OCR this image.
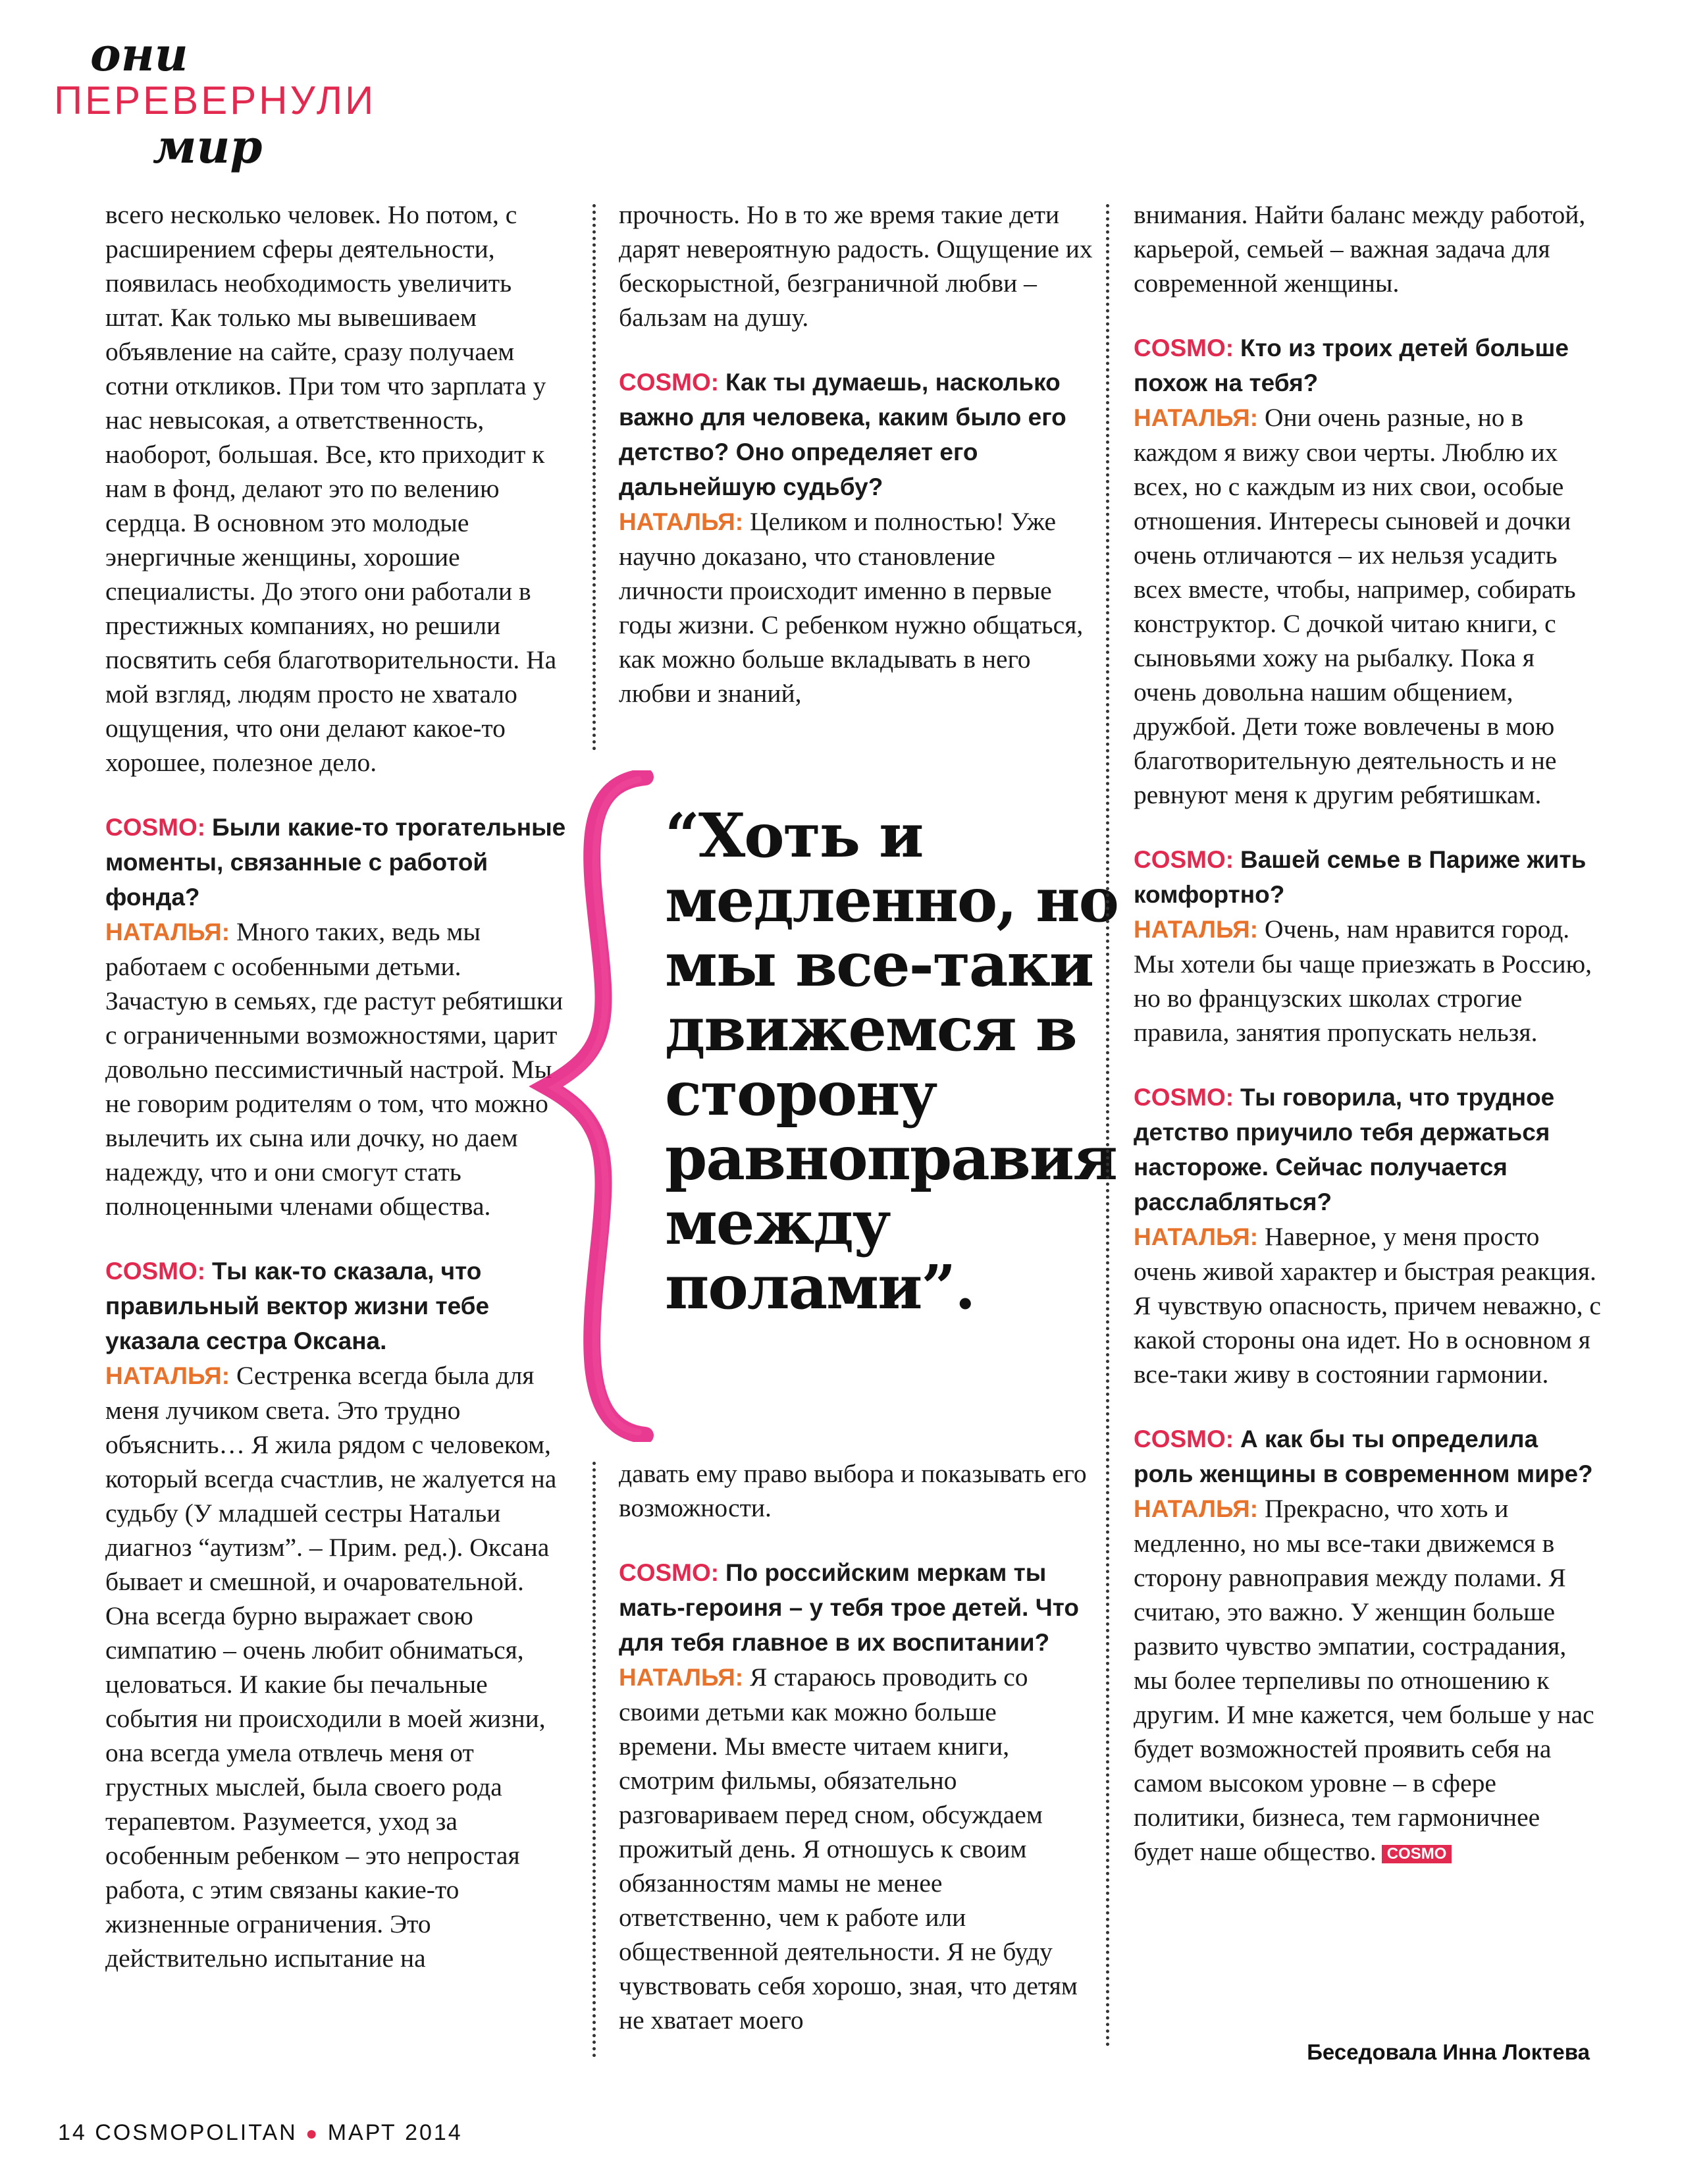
они
ПЕРЕВЕРНУЛИ
мир

всего несколько человек. Но потом, с расширением сферы деятельности, появилась необходимость увеличить штат. Как только мы вывешиваем объявление на сайте, сразу получаем сотни откликов. При том что зарплата у нас невысокая, а ответственность, наоборот, большая. Все, кто приходит к нам в фонд, делают это по велению сердца. В основном это молодые энергичные женщины, хорошие специалисты. До этого они работали в престижных компаниях, но решили посвятить себя благотворительности. На мой взгляд, людям просто не хватало ощущения, что они делают какое-то хорошее, полезное дело.

COSMO: Были какие-то трогательные моменты, связанные с работой фонда?
НАТАЛЬЯ: Много таких, ведь мы работаем с особенными детьми. Зачастую в семьях, где растут ребятишки с ограниченными возможностями, царит довольно пессимистичный настрой. Мы не говорим родителям о том, что можно вылечить их сына или дочку, но даем надежду, что и они смогут стать полноценными членами общества.

COSMO: Ты как-то сказала, что правильный вектор жизни тебе указала сестра Оксана.
НАТАЛЬЯ: Сестренка всегда была для меня лучиком света. Это трудно объяснить… Я жила рядом с человеком, который всегда счастлив, не жалуется на судьбу (У младшей сестры Натальи диагноз “аутизм”. – Прим. ред.). Оксана бывает и смешной, и очаровательной. Она всегда бурно выражает свою симпатию – очень любит обниматься, целоваться. И какие бы печальные события ни происходили в моей жизни, она всегда умела отвлечь меня от грустных мыслей, была своего рода терапевтом. Разумеется, уход за особенным ребенком – это непростая работа, с этим связаны какие-то жизненные ограничения. Это действительно испытание на

прочность. Но в то же время такие дети дарят невероятную радость. Ощущение их бескорыстной, безграничной любви – бальзам на душу.

COSMO: Как ты думаешь, насколько важно для человека, каким было его детство? Оно определяет его дальнейшую судьбу?
НАТАЛЬЯ: Целиком и полностью! Уже научно доказано, что становление личности происходит именно в первые годы жизни. С ребенком нужно общаться, как можно больше вкладывать в него любви и знаний,

“Хоть и медленно, но мы все-таки движемся в сторону равноправия между полами”.

давать ему право выбора и показывать его возможности.

COSMO: По российским меркам ты мать-героиня – у тебя трое детей. Что для тебя главное в их воспитании?
НАТАЛЬЯ: Я стараюсь проводить со своими детьми как можно больше времени. Мы вместе читаем книги, смотрим фильмы, обязательно разговариваем перед сном, обсуждаем прожитый день. Я отношусь к своим обязанностям мамы не менее ответственно, чем к работе или общественной деятельности. Я не буду чувствовать себя хорошо, зная, что детям не хватает моего

внимания. Найти баланс между работой, карьерой, семьей – важная задача для современной женщины.

COSMO: Кто из троих детей больше похож на тебя?
НАТАЛЬЯ: Они очень разные, но в каждом я вижу свои черты. Люблю их всех, но с каждым из них свои, особые отношения. Интересы сыновей и дочки очень отличаются – их нельзя усадить всех вместе, чтобы, например, собирать конструктор. С дочкой читаю книги, с сыновьями хожу на рыбалку. Пока я очень довольна нашим общением, дружбой. Дети тоже вовлечены в мою благотворительную деятельность и не ревнуют меня к другим ребятишкам.

COSMO: Вашей семье в Париже жить комфортно?
НАТАЛЬЯ: Очень, нам нравится город. Мы хотели бы чаще приезжать в Россию, но во французских школах строгие правила, занятия пропускать нельзя.

COSMO: Ты говорила, что трудное детство приучило тебя держаться настороже. Сейчас получается расслабляться?
НАТАЛЬЯ: Наверное, у меня просто очень живой характер и быстрая реакция. Я чувствую опасность, причем неважно, с какой стороны она идет. Но в основном я все-таки живу в состоянии гармонии.

COSMO: А как бы ты определила роль женщины в современном мире?
НАТАЛЬЯ: Прекрасно, что хоть и медленно, но мы все-таки движемся в сторону равноправия между полами. Я считаю, это важно. У женщин больше развито чувство эмпатии, сострадания, мы более терпеливы по отношению к другим. И мне кажется, чем больше у нас будет возможностей проявить себя на самом высоком уровне – в сфере политики, бизнеса, тем гармоничнее будет наше общество. COSMO

Беседовала Инна Локтева
14 COSMOPOLITAN ● МАРТ 2014
